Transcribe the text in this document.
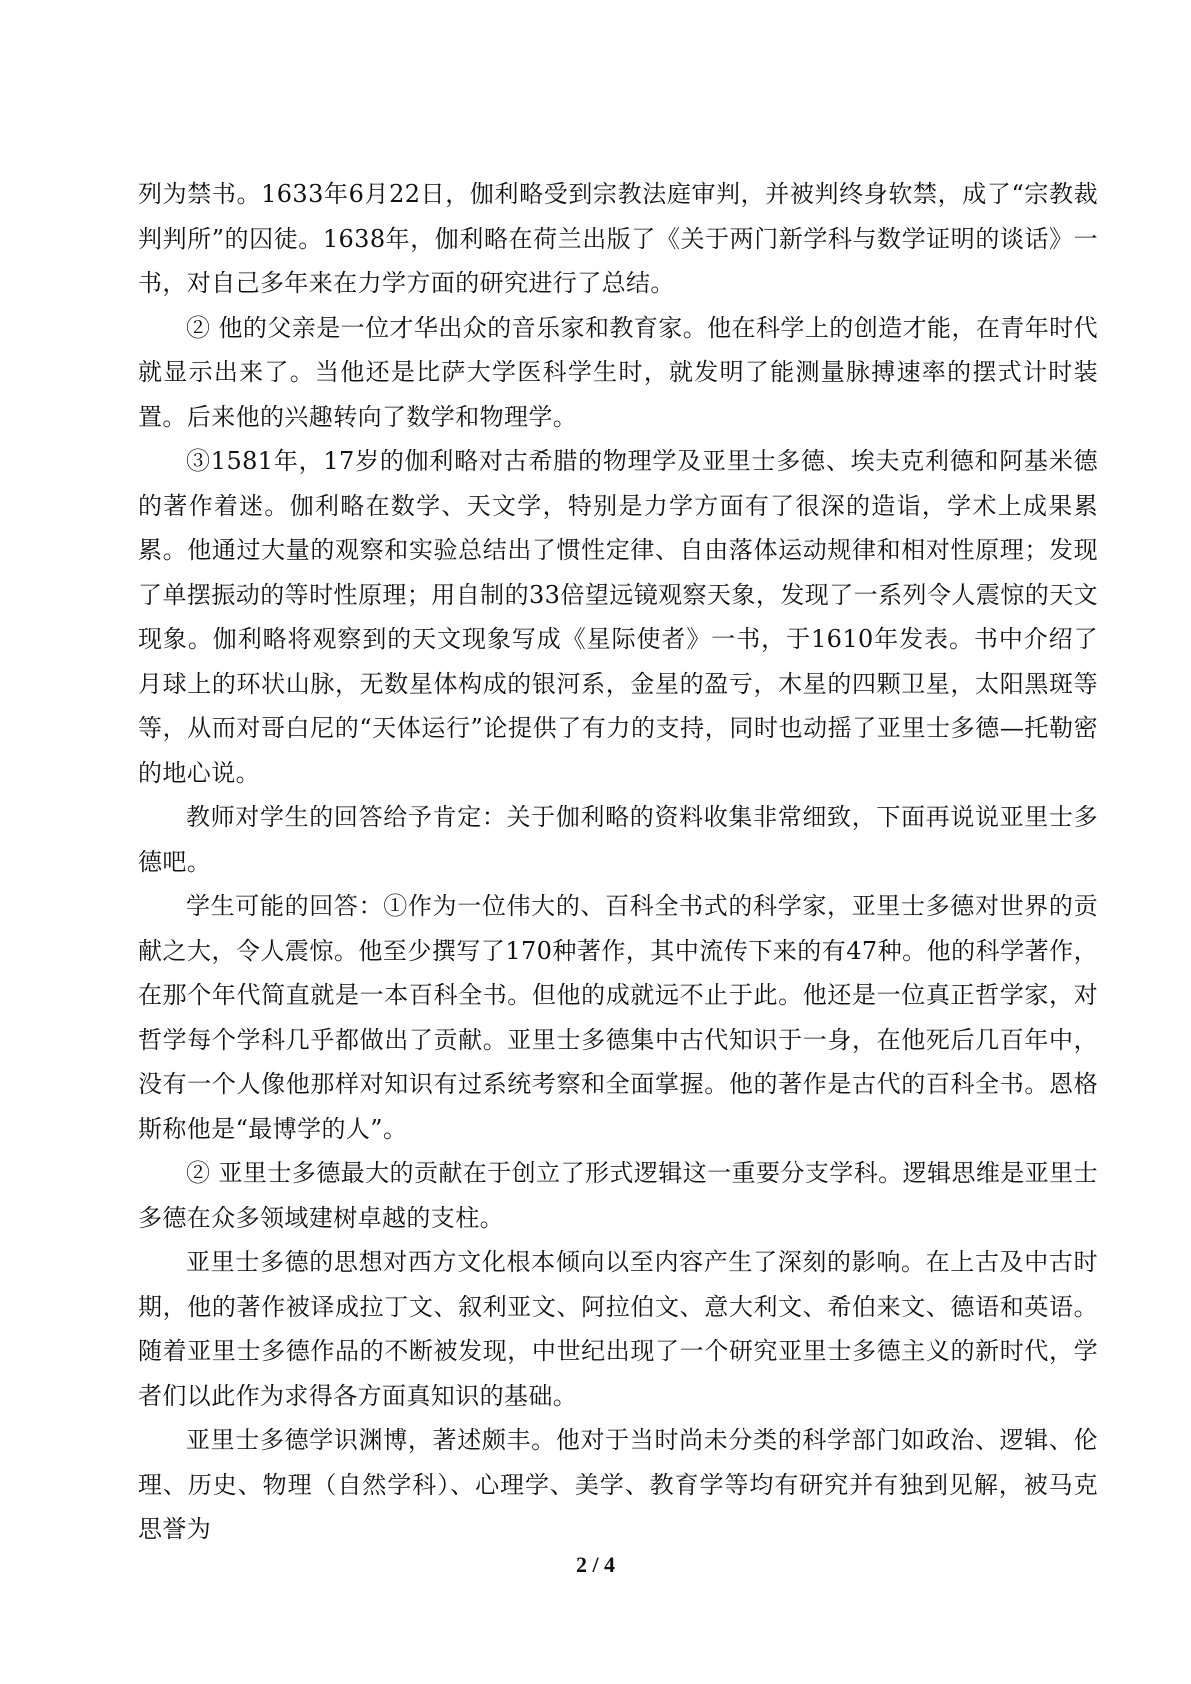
列为禁书。1633年6月22日，伽利略受到宗教法庭审判，并被判终身软禁，成了“宗教裁判判所”的囚徒。1638年，伽利略在荷兰出版了《关于两门新学科与数学证明的谈话》一书，对自己多年来在力学方面的研究进行了总结。

② 他的父亲是一位才华出众的音乐家和教育家。他在科学上的创造才能，在青年时代就显示出来了。当他还是比萨大学医科学生时，就发明了能测量脉搏速率的摆式计时装置。后来他的兴趣转向了数学和物理学。

③1581年，17岁的伽利略对古希腊的物理学及亚里士多德、埃夫克利德和阿基米德的著作着迷。伽利略在数学、天文学，特别是力学方面有了很深的造诣，学术上成果累累。他通过大量的观察和实验总结出了惯性定律、自由落体运动规律和相对性原理；发现了单摆振动的等时性原理；用自制的33倍望远镜观察天象，发现了一系列令人震惊的天文现象。伽利略将观察到的天文现象写成《星际使者》一书，于1610年发表。书中介绍了月球上的环状山脉，无数星体构成的银河系，金星的盈亏，木星的四颗卫星，太阳黑斑等等，从而对哥白尼的“天体运行”论提供了有力的支持，同时也动摇了亚里士多德—托勒密的地心说。

教师对学生的回答给予肯定：关于伽利略的资料收集非常细致，下面再说说亚里士多德吧。

学生可能的回答：①作为一位伟大的、百科全书式的科学家，亚里士多德对世界的贡献之大，令人震惊。他至少撰写了170种著作，其中流传下来的有47种。他的科学著作，在那个年代简直就是一本百科全书。但他的成就远不止于此。他还是一位真正哲学家，对哲学每个学科几乎都做出了贡献。亚里士多德集中古代知识于一身，在他死后几百年中，没有一个人像他那样对知识有过系统考察和全面掌握。他的著作是古代的百科全书。恩格斯称他是“最博学的人”。

② 亚里士多德最大的贡献在于创立了形式逻辑这一重要分支学科。逻辑思维是亚里士多德在众多领域建树卓越的支柱。

亚里士多德的思想对西方文化根本倾向以至内容产生了深刻的影响。在上古及中古时期，他的著作被译成拉丁文、叙利亚文、阿拉伯文、意大利文、希伯来文、德语和英语。随着亚里士多德作品的不断被发现，中世纪出现了一个研究亚里士多德主义的新时代，学者们以此作为求得各方面真知识的基础。

亚里士多德学识渊博，著述颇丰。他对于当时尚未分类的科学部门如政治、逻辑、伦理、历史、物理（自然学科）、心理学、美学、教育学等均有研究并有独到见解，被马克思誉为

2 / 4
